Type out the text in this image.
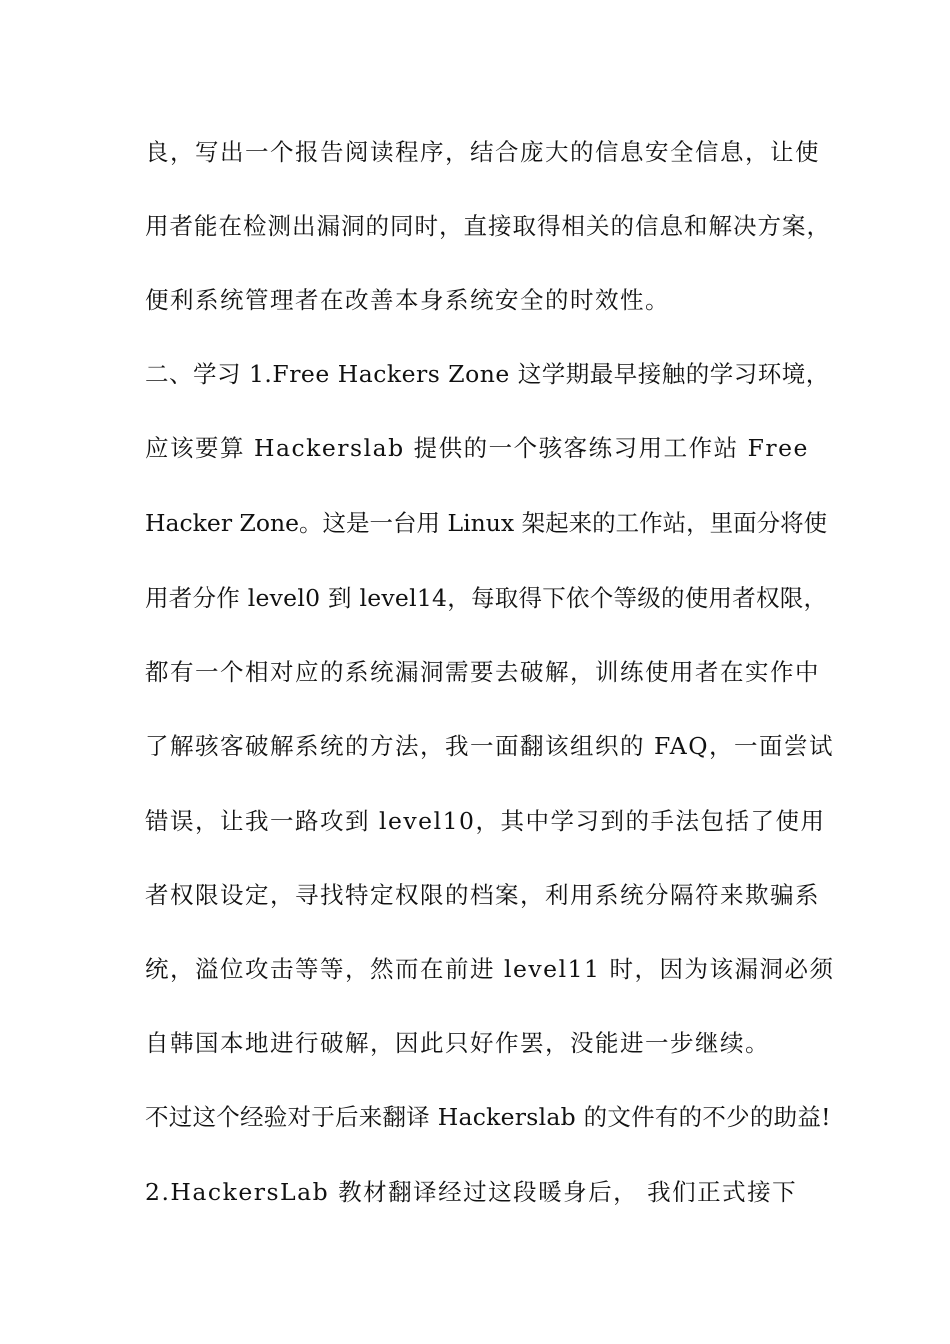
良，写出一个报告阅读程序，结合庞大的信息安全信息，让使
用者能在检测出漏洞的同时，直接取得相关的信息和解决方案，
便利系统管理者在改善本身系统安全的时效性。
二、学习 1.Free Hackers Zone 这学期最早接触的学习环境，
应该要算 Hackerslab 提供的一个骇客练习用工作站 Free
Hacker Zone。这是一台用 Linux 架起来的工作站，里面分将使
用者分作 level0 到 level14，每取得下依个等级的使用者权限，
都有一个相对应的系统漏洞需要去破解，训练使用者在实作中
了解骇客破解系统的方法，我一面翻该组织的 FAQ，一面尝试
错误，让我一路攻到 level10，其中学习到的手法包括了使用
者权限设定，寻找特定权限的档案，利用系统分隔符来欺骗系
统，溢位攻击等等，然而在前进 level11 时，因为该漏洞必须
自韩国本地进行破解，因此只好作罢，没能进一步继续。
不过这个经验对于后来翻译 Hackerslab 的文件有的不少的助益!
2.HackersLab 教材翻译经过这段暖身后， 我们正式接下
